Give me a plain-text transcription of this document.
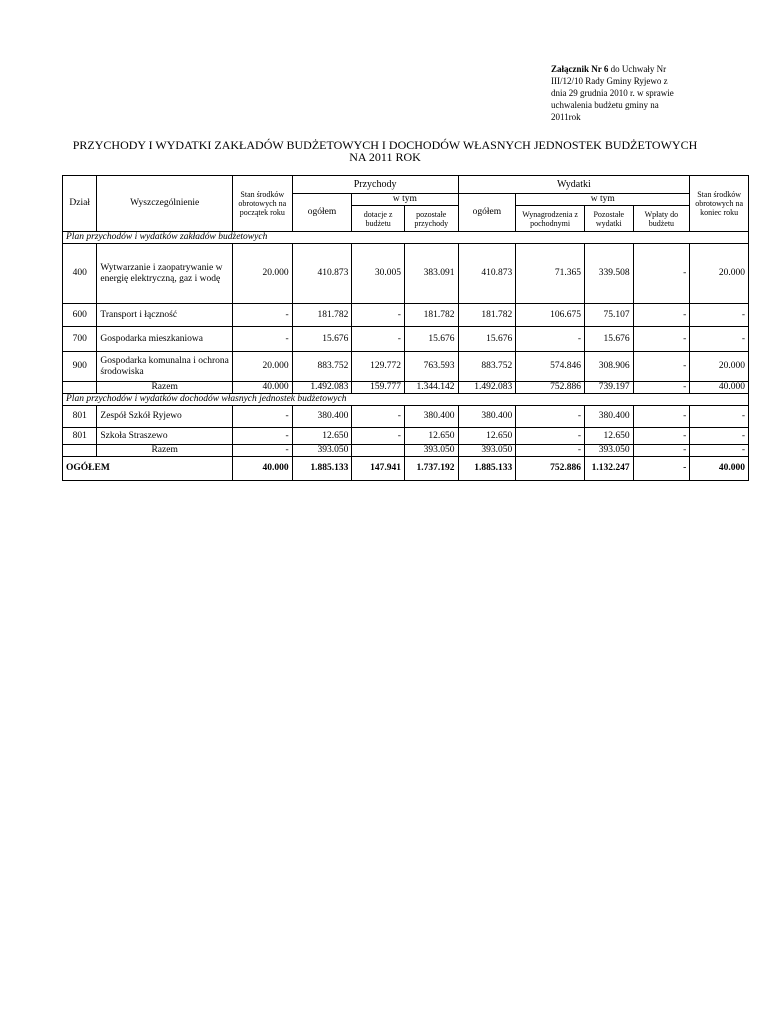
Załącznik Nr 6 do Uchwały Nr
III/12/10 Rady Gminy Ryjewo z
dnia 29 grudnia 2010 r. w sprawie
uchwalenia budżetu gminy na
2011rok
PRZYCHODY I WYDATKI ZAKŁADÓW BUDŻETOWYCH I DOCHODÓW WŁASNYCH JEDNOSTEK BUDŻETOWYCH
NA 2011 ROK
Dział	Wyszczególnienie	Stan środków obrotowych na początek roku	Przychody			Wydatki				Stan środków obrotowych na koniec roku
			ogółem	w tym		ogółem	w tym			
				dotacje z budżetu	pozostałe przychody		Wynagrodzenia z pochodnymi	Pozostałe wydatki	Wpłaty do budżetu	
Plan przychodów i wydatków zakładów budżetowych										
400	Wytwarzanie i zaopatrywanie w energię elektryczną, gaz i wodę	20.000	410.873	30.005	383.091	410.873	71.365	339.508	-	20.000
600	Transport i łączność	-	181.782	-	181.782	181.782	106.675	75.107	-	-
700	Gospodarka mieszkaniowa	-	15.676	-	15.676	15.676	-	15.676	-	-
900	Gospodarka komunalna i ochrona środowiska	20.000	883.752	129.772	763.593	883.752	574.846	308.906	-	20.000
	Razem	40.000	1.492.083	159.777	1.344.142	1.492.083	752.886	739.197	-	40.000
Plan przychodów i wydatków dochodów własnych jednostek budżetowych										
801	Zespół Szkół Ryjewo	-	380.400	-	380.400	380.400	-	380.400	-	-
801	Szkoła Straszewo	-	12.650	-	12.650	12.650	-	12.650	-	-
	Razem	-	393.050		393.050	393.050	-	393.050	-	-
OGÓŁEM		40.000	1.885.133	147.941	1.737.192	1.885.133	752.886	1.132.247	-	40.000
